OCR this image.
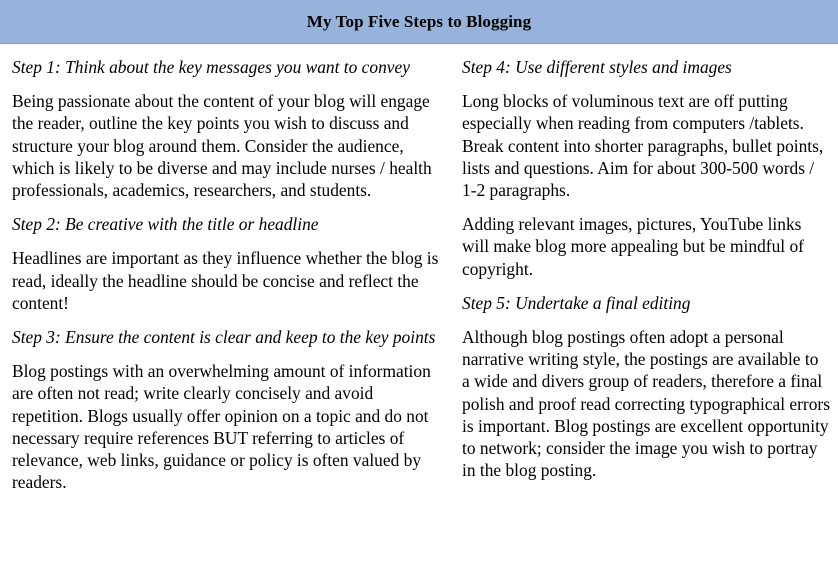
My Top Five Steps to Blogging

Step 1: Think about the key messages you want to convey

Being passionate about the content of your blog will engage the reader, outline the key points you wish to discuss and structure your blog around them. Consider the audience, which is likely to be diverse and may include nurses / health professionals, academics, researchers, and students.

Step 2: Be creative with the title or headline

Headlines are important as they influence whether the blog is read, ideally the headline should be concise and reflect the content!

Step 3: Ensure the content is clear and keep to the key points

Blog postings with an overwhelming amount of information are often not read; write clearly concisely and avoid repetition. Blogs usually offer opinion on a topic and do not necessary require references BUT referring to articles of relevance, web links, guidance or policy is often valued by readers.

Step 4: Use different styles and images

Long blocks of voluminous text are off putting especially when reading from computers /tablets. Break content into shorter paragraphs, bullet points, lists and questions. Aim for about 300-500 words / 1-2 paragraphs.

Adding relevant images, pictures, YouTube links will make blog more appealing but be mindful of copyright.

Step 5: Undertake a final editing

Although blog postings often adopt a personal narrative writing style, the postings are available to a wide and divers group of readers, therefore a final polish and proof read correcting typographical errors is important. Blog postings are excellent opportunity to network; consider the image you wish to portray in the blog posting.
